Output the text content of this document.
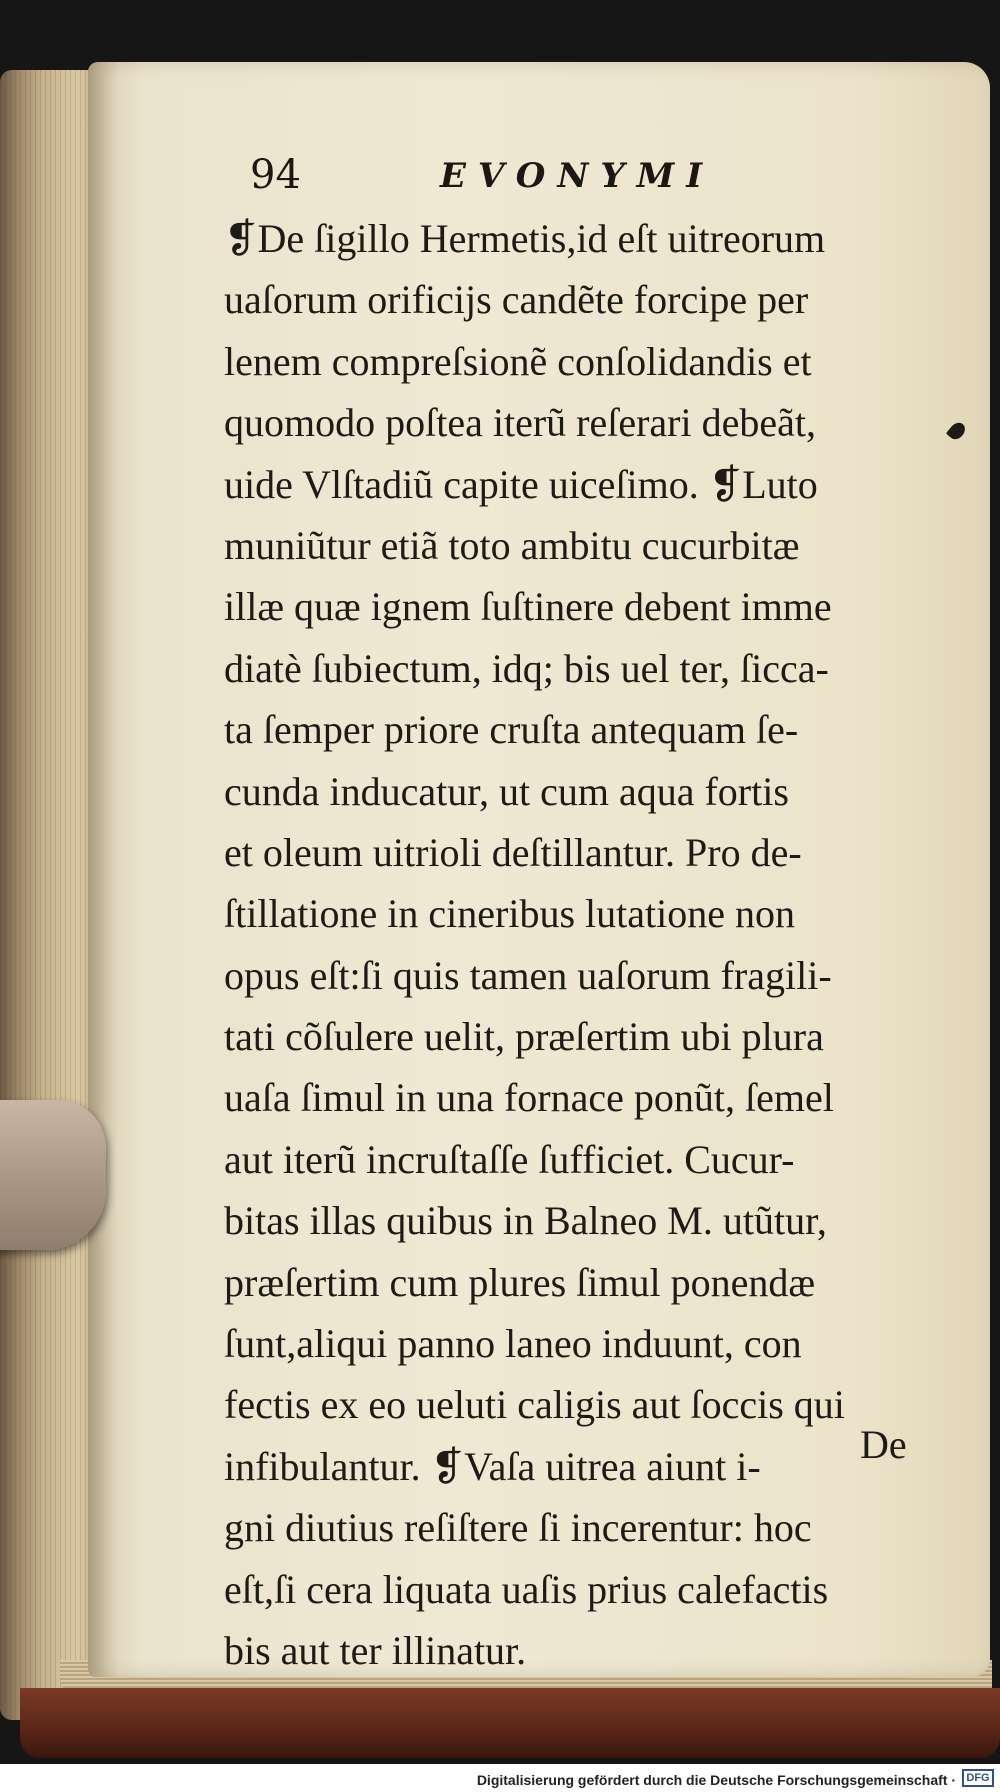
94	EVONYMI
❡De ſigillo Hermetis,id eſt uitreorum
uaſorum orificijs candẽte forcipe per
lenem compreſsionẽ conſolidandis et
quomodo poſtea iterũ reſerari debeãt,
uide Vlſtadiũ capite uiceſimo. ❡Luto
muniũtur etiã toto ambitu cucurbitæ
illæ quæ ignem ſuſtinere debent imme
diatè ſubiectum, idq; bis uel ter, ſicca-
ta ſemper priore cruſta antequam ſe-
cunda inducatur, ut cum aqua fortis
et oleum uitrioli deſtillantur. Pro de-
ſtillatione in cineribus lutatione non
opus eſt:ſi quis tamen uaſorum fragili-
tati cõſulere uelit, præſertim ubi plura
uaſa ſimul in una fornace ponũt, ſemel
aut iterũ incruſtaſſe ſufficiet. Cucur-
bitas illas quibus in Balneo M. utũtur,
præſertim cum plures ſimul ponendæ
ſunt,aliqui panno laneo induunt, con
fectis ex eo ueluti caligis aut ſoccis qui
infibulantur. ❡Vaſa uitrea aiunt i-
gni diutius reſiſtere ſi incerentur: hoc
eſt,ſi cera liquata uaſis prius calefactis
bis aut ter illinatur.
De
Digitalisierung gefördert durch die Deutsche Forschungsgemeinschaft · DFG
